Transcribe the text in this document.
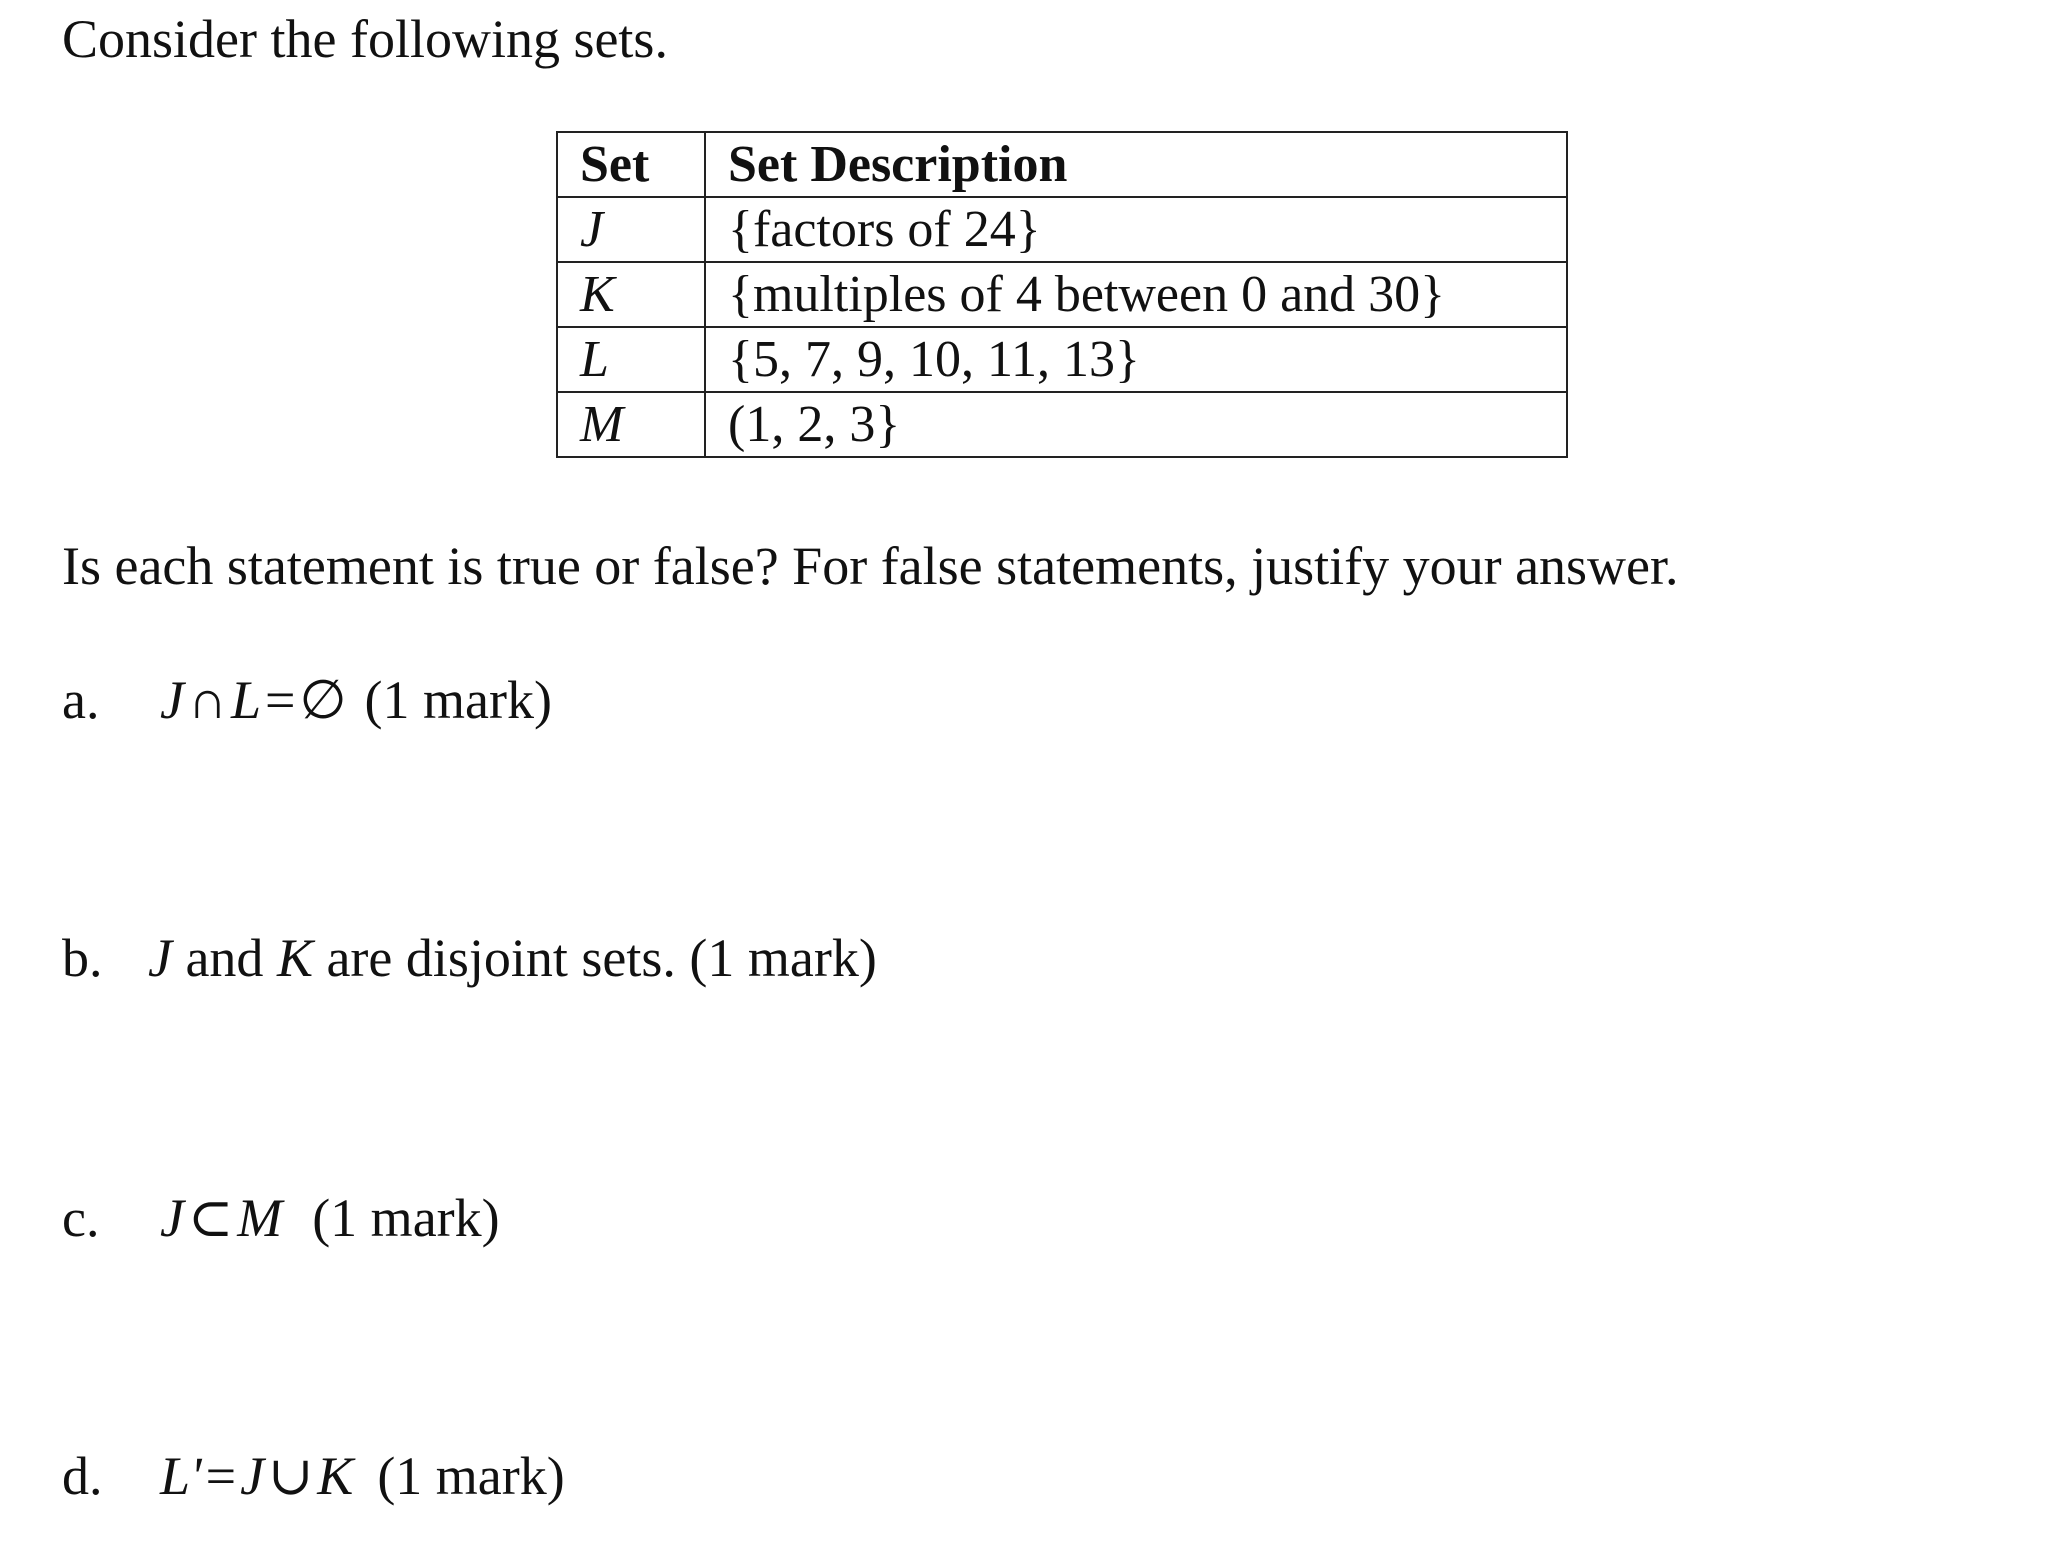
Consider the following sets.
Set	Set Description
J	{factors of 24}
K	{multiples of 4 between 0 and 30}
L	{5, 7, 9, 10, 11, 13}
M	(1, 2, 3}
Is each statement is true or false? For false statements, justify your answer.
a. J∩L=∅ (1 mark)
b. J and K are disjoint sets. (1 mark)
c. J⊂M (1 mark)
d. L'=J∪K (1 mark)
